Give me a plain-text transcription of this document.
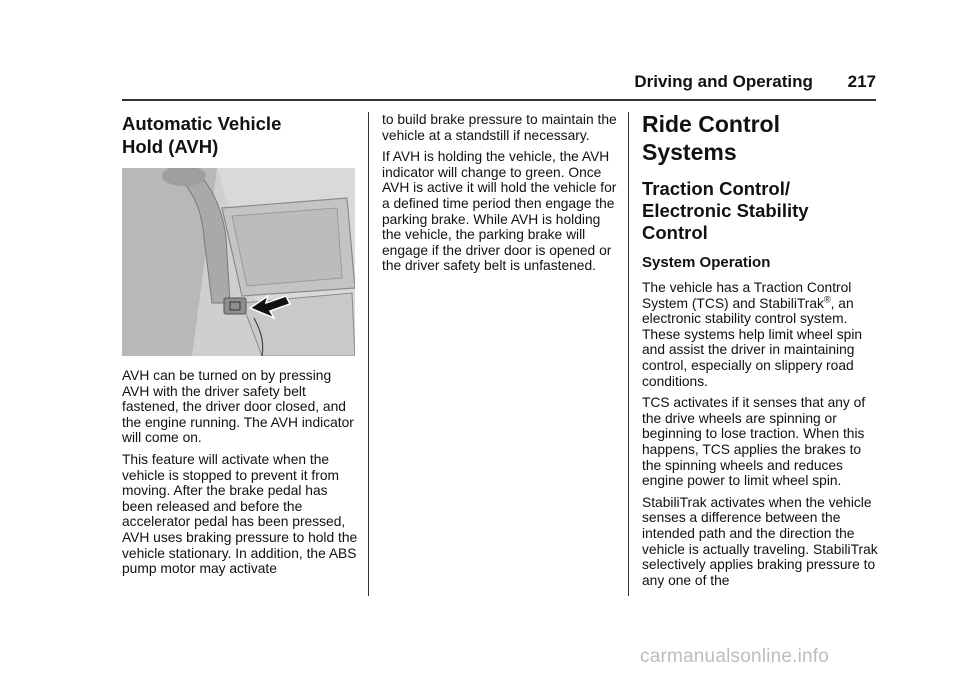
Driving and Operating 217
Automatic Vehicle
Hold (AVH)

AVH can be turned on by pressing AVH with the driver safety belt fastened, the driver door closed, and the engine running. The AVH indicator will come on.

This feature will activate when the vehicle is stopped to prevent it from moving. After the brake pedal has been released and before the accelerator pedal has been pressed, AVH uses braking pressure to hold the vehicle stationary. In addition, the ABS pump motor may activate

to build brake pressure to maintain the vehicle at a standstill if necessary.

If AVH is holding the vehicle, the AVH indicator will change to green. Once AVH is active it will hold the vehicle for a defined time period then engage the parking brake. While AVH is holding the vehicle, the parking brake will engage if the driver door is opened or the driver safety belt is unfastened.

Ride Control Systems
Traction Control/
Electronic Stability
Control
System Operation

The vehicle has a Traction Control System (TCS) and StabiliTrak®, an electronic stability control system. These systems help limit wheel spin and assist the driver in maintaining control, especially on slippery road conditions.

TCS activates if it senses that any of the drive wheels are spinning or beginning to lose traction. When this happens, TCS applies the brakes to the spinning wheels and reduces engine power to limit wheel spin.

StabiliTrak activates when the vehicle senses a difference between the intended path and the direction the vehicle is actually traveling. StabiliTrak selectively applies braking pressure to any one of the

carmanualsonline.info
